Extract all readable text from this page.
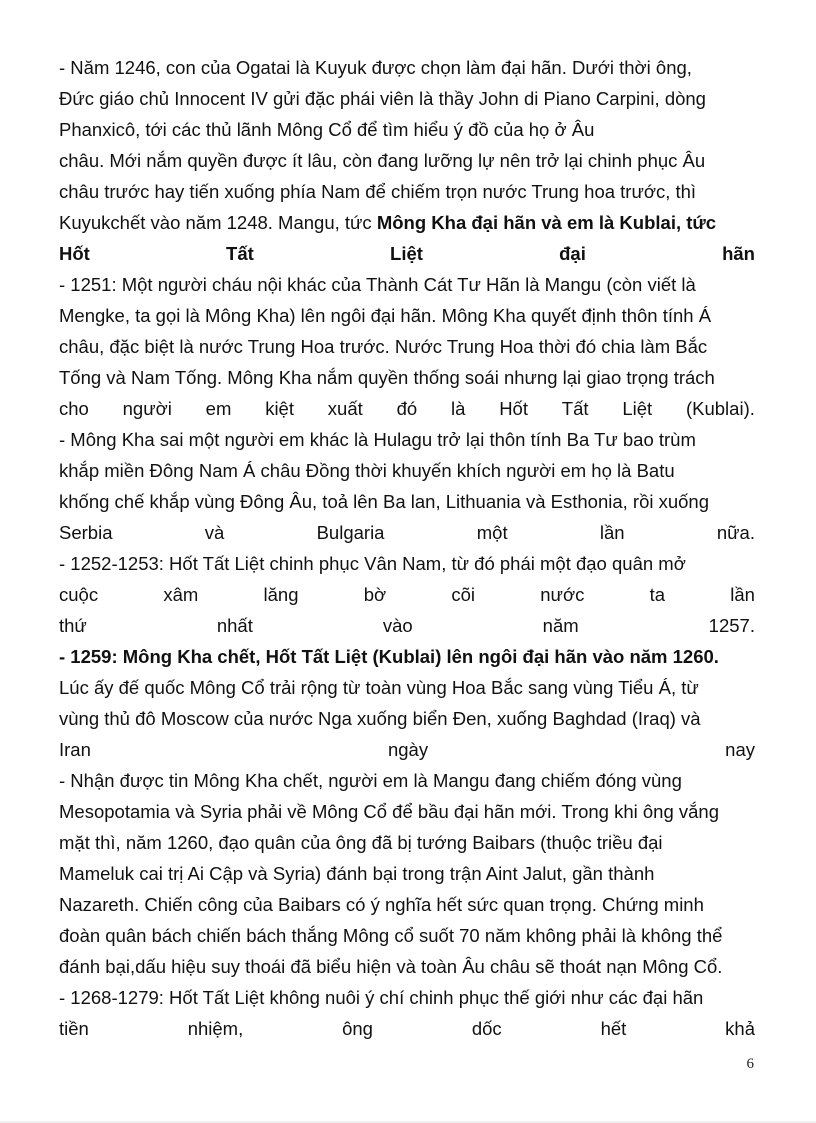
- Năm 1246, con của Ogatai là Kuyuk được chọn làm đại hãn. Dưới thời ông,
Đức giáo chủ Innocent IV gửi đặc phái viên là thầy John di Piano Carpini, dòng
Phanxicô, tới các thủ lãnh Mông Cổ để tìm hiểu ý đồ của họ ở Âu
châu. Mới nắm quyền được ít lâu, còn đang lưỡng lự nên trở lại chinh phục Âu
châu trước hay tiến xuống phía Nam để chiếm trọn nước Trung hoa trước, thì
Kuyukchết vào năm 1248. Mangu, tức Mông Kha đại hãn và em là Kublai, tức
Hốt	Tất	Liệt	đại	hãn
- 1251: Một người cháu nội khác của Thành Cát Tư Hãn là Mangu (còn viết là
Mengke, ta gọi là Mông Kha) lên ngôi đại hãn. Mông Kha quyết định thôn tính Á
châu, đặc biệt là nước Trung Hoa trước. Nước Trung Hoa thời đó chia làm Bắc
Tống và Nam Tống. Mông Kha nắm quyền thống soái nhưng lại giao trọng trách
cho người em kiệt xuất đó là Hốt Tất Liệt (Kublai).
- Mông Kha sai một người em khác là Hulagu trở lại thôn tính Ba Tư bao trùm
khắp miền Đông Nam Á châu Đồng thời khuyến khích người em họ là Batu
khống chế khắp vùng Đông Âu, toả lên Ba lan, Lithuania và Esthonia, rồi xuống
Serbia	và	Bulgaria	một	lần	nữa.
- 1252-1253: Hốt Tất Liệt chinh phục Vân Nam, từ đó phái một đạo quân mở
cuộc	xâm	lăng	bờ	cõi	nước	ta	lần
thứ	nhất	vào	năm	1257.
- 1259: Mông Kha chết, Hốt Tất Liệt (Kublai) lên ngôi đại hãn vào năm 1260.
Lúc ấy đế quốc Mông Cổ trải rộng từ toàn vùng Hoa Bắc sang vùng Tiểu Á, từ
vùng thủ đô Moscow của nước Nga xuống biển Đen, xuống Baghdad (Iraq) và
Iran	ngày	nay
- Nhận được tin Mông Kha chết, người em là Mangu đang chiếm đóng vùng
Mesopotamia và Syria phải về Mông Cổ để bầu đại hãn mới. Trong khi ông vắng
mặt thì, năm 1260, đạo quân của ông đã bị tướng Baibars (thuộc triều đại
Mameluk cai trị Ai Cập và Syria) đánh bại trong trận Aint Jalut, gần thành
Nazareth. Chiến công của Baibars có ý nghĩa hết sức quan trọng. Chứng minh
đoàn quân bách chiến bách thắng Mông cổ suốt 70 năm không phải là không thể
đánh bại,dấu hiệu suy thoái đã biểu hiện và toàn Âu châu sẽ thoát nạn Mông Cổ.
- 1268-1279: Hốt Tất Liệt không nuôi ý chí chinh phục thế giới như các đại hãn
tiền	nhiệm,	ông	dốc	hết	khả
6
